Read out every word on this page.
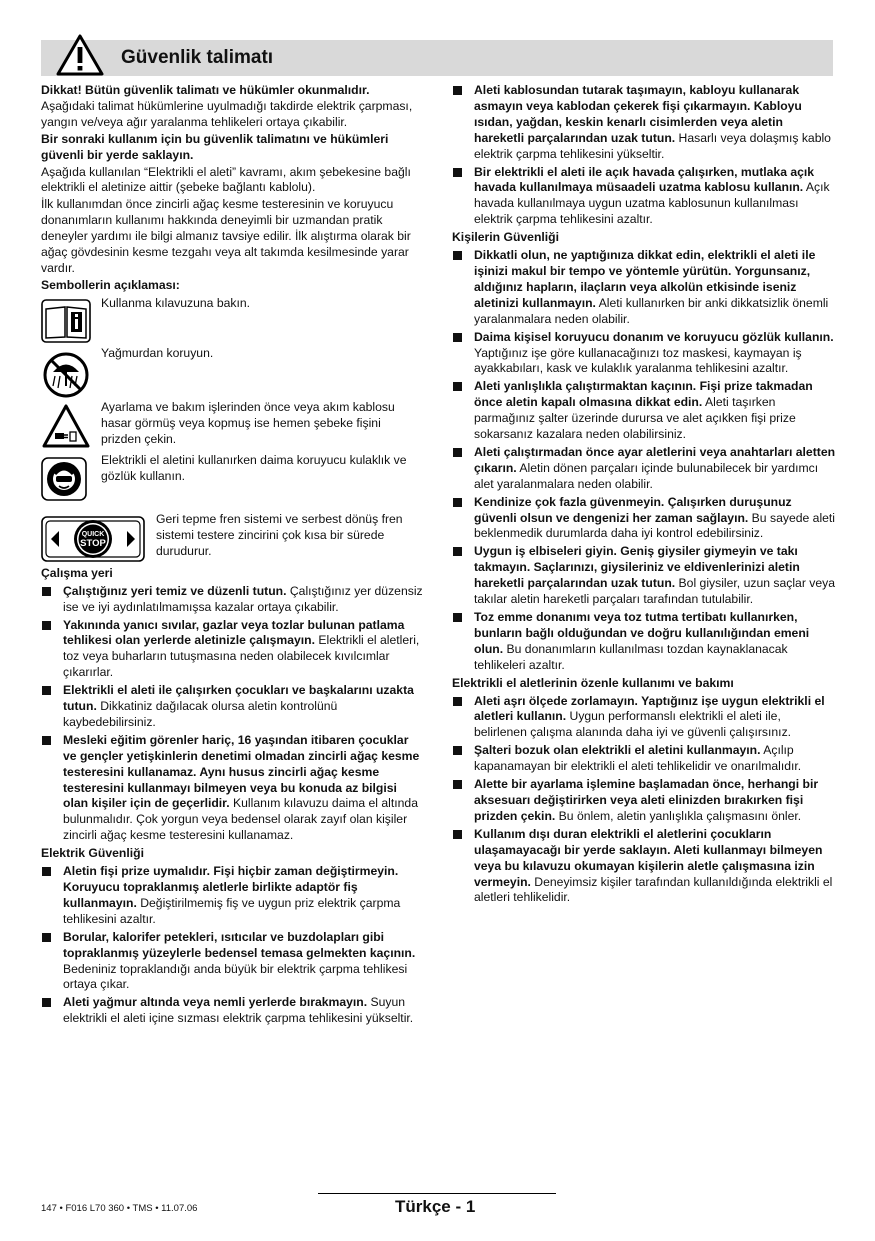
Güvenlik talimatı

Dikkat! Bütün güvenlik talimatı ve hükümler okunmalıdır. Aşağıdaki talimat hükümlerine uyulmadığı takdirde elektrik çarpması, yangın ve/veya ağır yaralanma tehlikeleri ortaya çıkabilir.

Bir sonraki kullanım için bu güvenlik talimatını ve hükümleri güvenli bir yerde saklayın.

Aşağıda kullanılan “Elektrikli el aleti” kavramı, akım şebekesine bağlı elektrikli el aletinize aittir (şebeke bağlantı kablolu).

İlk kullanımdan önce zincirli ağaç kesme testeresinin ve koruyucu donanımların kullanımı hakkında deneyimli bir uzmandan pratik deneyler yardımı ile bilgi almanız tavsiye edilir. İlk alıştırma olarak bir ağaç gövdesinin kesme tezgahı veya alt takımda kesilmesinde yarar vardır.

Sembollerin açıklaması:

Kullanma kılavuzuna bakın.
Yağmurdan koruyun.
Ayarlama ve bakım işlerinden önce veya akım kablosu hasar görmüş veya kopmuş ise hemen şebeke fişini prizden çekin.
Elektrikli el aletini kullanırken daima koruyucu kulaklık ve gözlük kullanın.
QUICK
STOP
Geri tepme fren sistemi ve serbest dönüş fren sistemi testere zincirini çok kısa bir sürede durudurur.

Çalışma yeri

Çalıştığınız yeri temiz ve düzenli tutun. Çalıştığınız yer düzensiz ise ve iyi aydınlatılmamışsa kazalar ortaya çıkabilir.

Yakınında yanıcı sıvılar, gazlar veya tozlar bulunan patlama tehlikesi olan yerlerde aletinizle çalışmayın. Elektrikli el aletleri, toz veya buharların tutuşmasına neden olabilecek kıvılcımlar çıkarırlar.

Elektrikli el aleti ile çalışırken çocukları ve başkalarını uzakta tutun. Dikkatiniz dağılacak olursa aletin kontrolünü kaybedebilirsiniz.

Mesleki eğitim görenler hariç, 16 yaşından itibaren çocuklar ve gençler yetişkinlerin denetimi olmadan zincirli ağaç kesme testeresini kullanamaz. Aynı husus zincirli ağaç kesme testeresini kullanmayı bilmeyen veya bu konuda az bilgisi olan kişiler için de geçerlidir. Kullanım kılavuzu daima el altında bulunmalıdır. Çok yorgun veya bedensel olarak zayıf olan kişiler zincirli ağaç kesme testeresini kullanamaz.

Elektrik Güvenliği

Aletin fişi prize uymalıdır. Fişi hiçbir zaman değiştirmeyin. Koruyucu topraklanmış aletlerle birlikte adaptör fiş kullanmayın. Değiştirilmemiş fiş ve uygun priz elektrik çarpma tehlikesini azaltır.

Borular, kalorifer petekleri, ısıtıcılar ve buzdolapları gibi topraklanmış yüzeylerle bedensel temasa gelmekten kaçının. Bedeniniz topraklandığı anda büyük bir elektrik çarpma tehlikesi ortaya çıkar.

Aleti yağmur altında veya nemli yerlerde bırakmayın. Suyun elektrikli el aleti içine sızması elektrik çarpma tehlikesini yükseltir.

Aleti kablosundan tutarak taşımayın, kabloyu kullanarak asmayın veya kablodan çekerek fişi çıkarmayın. Kabloyu ısıdan, yağdan, keskin kenarlı cisimlerden veya aletin hareketli parçalarından uzak tutun. Hasarlı veya dolaşmış kablo elektrik çarpma tehlikesini yükseltir.

Bir elektrikli el aleti ile açık havada çalışırken, mutlaka açık havada kullanılmaya müsaadeli uzatma kablosu kullanın. Açık havada kullanılmaya uygun uzatma kablosunun kullanılması elektrik çarpma tehlikesini azaltır.

Kişilerin Güvenliği

Dikkatli olun, ne yaptığınıza dikkat edin, elektrikli el aleti ile işinizi makul bir tempo ve yöntemle yürütün. Yorgunsanız, aldığınız hapların, ilaçların veya alkolün etkisinde iseniz aletinizi kullanmayın. Aleti kullanırken bir anki dikkatsizlik önemli yaralanmalara neden olabilir.

Daima kişisel koruyucu donanım ve koruyucu gözlük kullanın. Yaptığınız işe göre kullanacağınızı toz maskesi, kaymayan iş ayakkabıları, kask ve kulaklık yaralanma tehlikesini azaltır.

Aleti yanlışlıkla çalıştırmaktan kaçının. Fişi prize takmadan önce aletin kapalı olmasına dikkat edin. Aleti taşırken parmağınız şalter üzerinde durursa ve alet açıkken fişi prize sokarsanız kazalara neden olabilirsiniz.

Aleti çalıştırmadan önce ayar aletlerini veya anahtarları aletten çıkarın. Aletin dönen parçaları içinde bulunabilecek bir yardımcı alet yaralanmalara neden olabilir.

Kendinize çok fazla güvenmeyin. Çalışırken duruşunuz güvenli olsun ve dengenizi her zaman sağlayın. Bu sayede aleti beklenmedik durumlarda daha iyi kontrol edebilirsiniz.

Uygun iş elbiseleri giyin. Geniş giysiler giymeyin ve takı takmayın. Saçlarınızı, giysileriniz ve eldivenlerinizi aletin hareketli parçalarından uzak tutun. Bol giysiler, uzun saçlar veya takılar aletin hareketli parçaları tarafından tutulabilir.

Toz emme donanımı veya toz tutma tertibatı kullanırken, bunların bağlı olduğundan ve doğru kullanılığından emeni olun. Bu donanımların kullanılması tozdan kaynaklanacak tehlikeleri azaltır.

Elektrikli el aletlerinin özenle kullanımı ve bakımı

Aleti aşrı ölçede zorlamayın. Yaptığınız işe uygun elektrikli el aletleri kullanın. Uygun performanslı elektrikli el aleti ile, belirlenen çalışma alanında daha iyi ve güvenli çalışırsınız.

Şalteri bozuk olan elektrikli el aletini kullanmayın. Açılıp kapanamayan bir elektrikli el aleti tehlikelidir ve onarılmalıdır.

Alette bir ayarlama işlemine başlamadan önce, herhangi bir aksesuarı değiştirirken veya aleti elinizden bırakırken fişi prizden çekin. Bu önlem, aletin yanlışlıkla çalışmasını önler.

Kullanım dışı duran elektrikli el aletlerini çocukların ulaşamayacağı bir yerde saklayın. Aleti kullanmayı bilmeyen veya bu kılavuzu okumayan kişilerin aletle çalışmasına izin vermeyin. Deneyimsiz kişiler tarafından kullanıldığında elektrikli el aletleri tehlikelidir.

147 • F016 L70 360 • TMS • 11.07.06	Türkçe - 1
